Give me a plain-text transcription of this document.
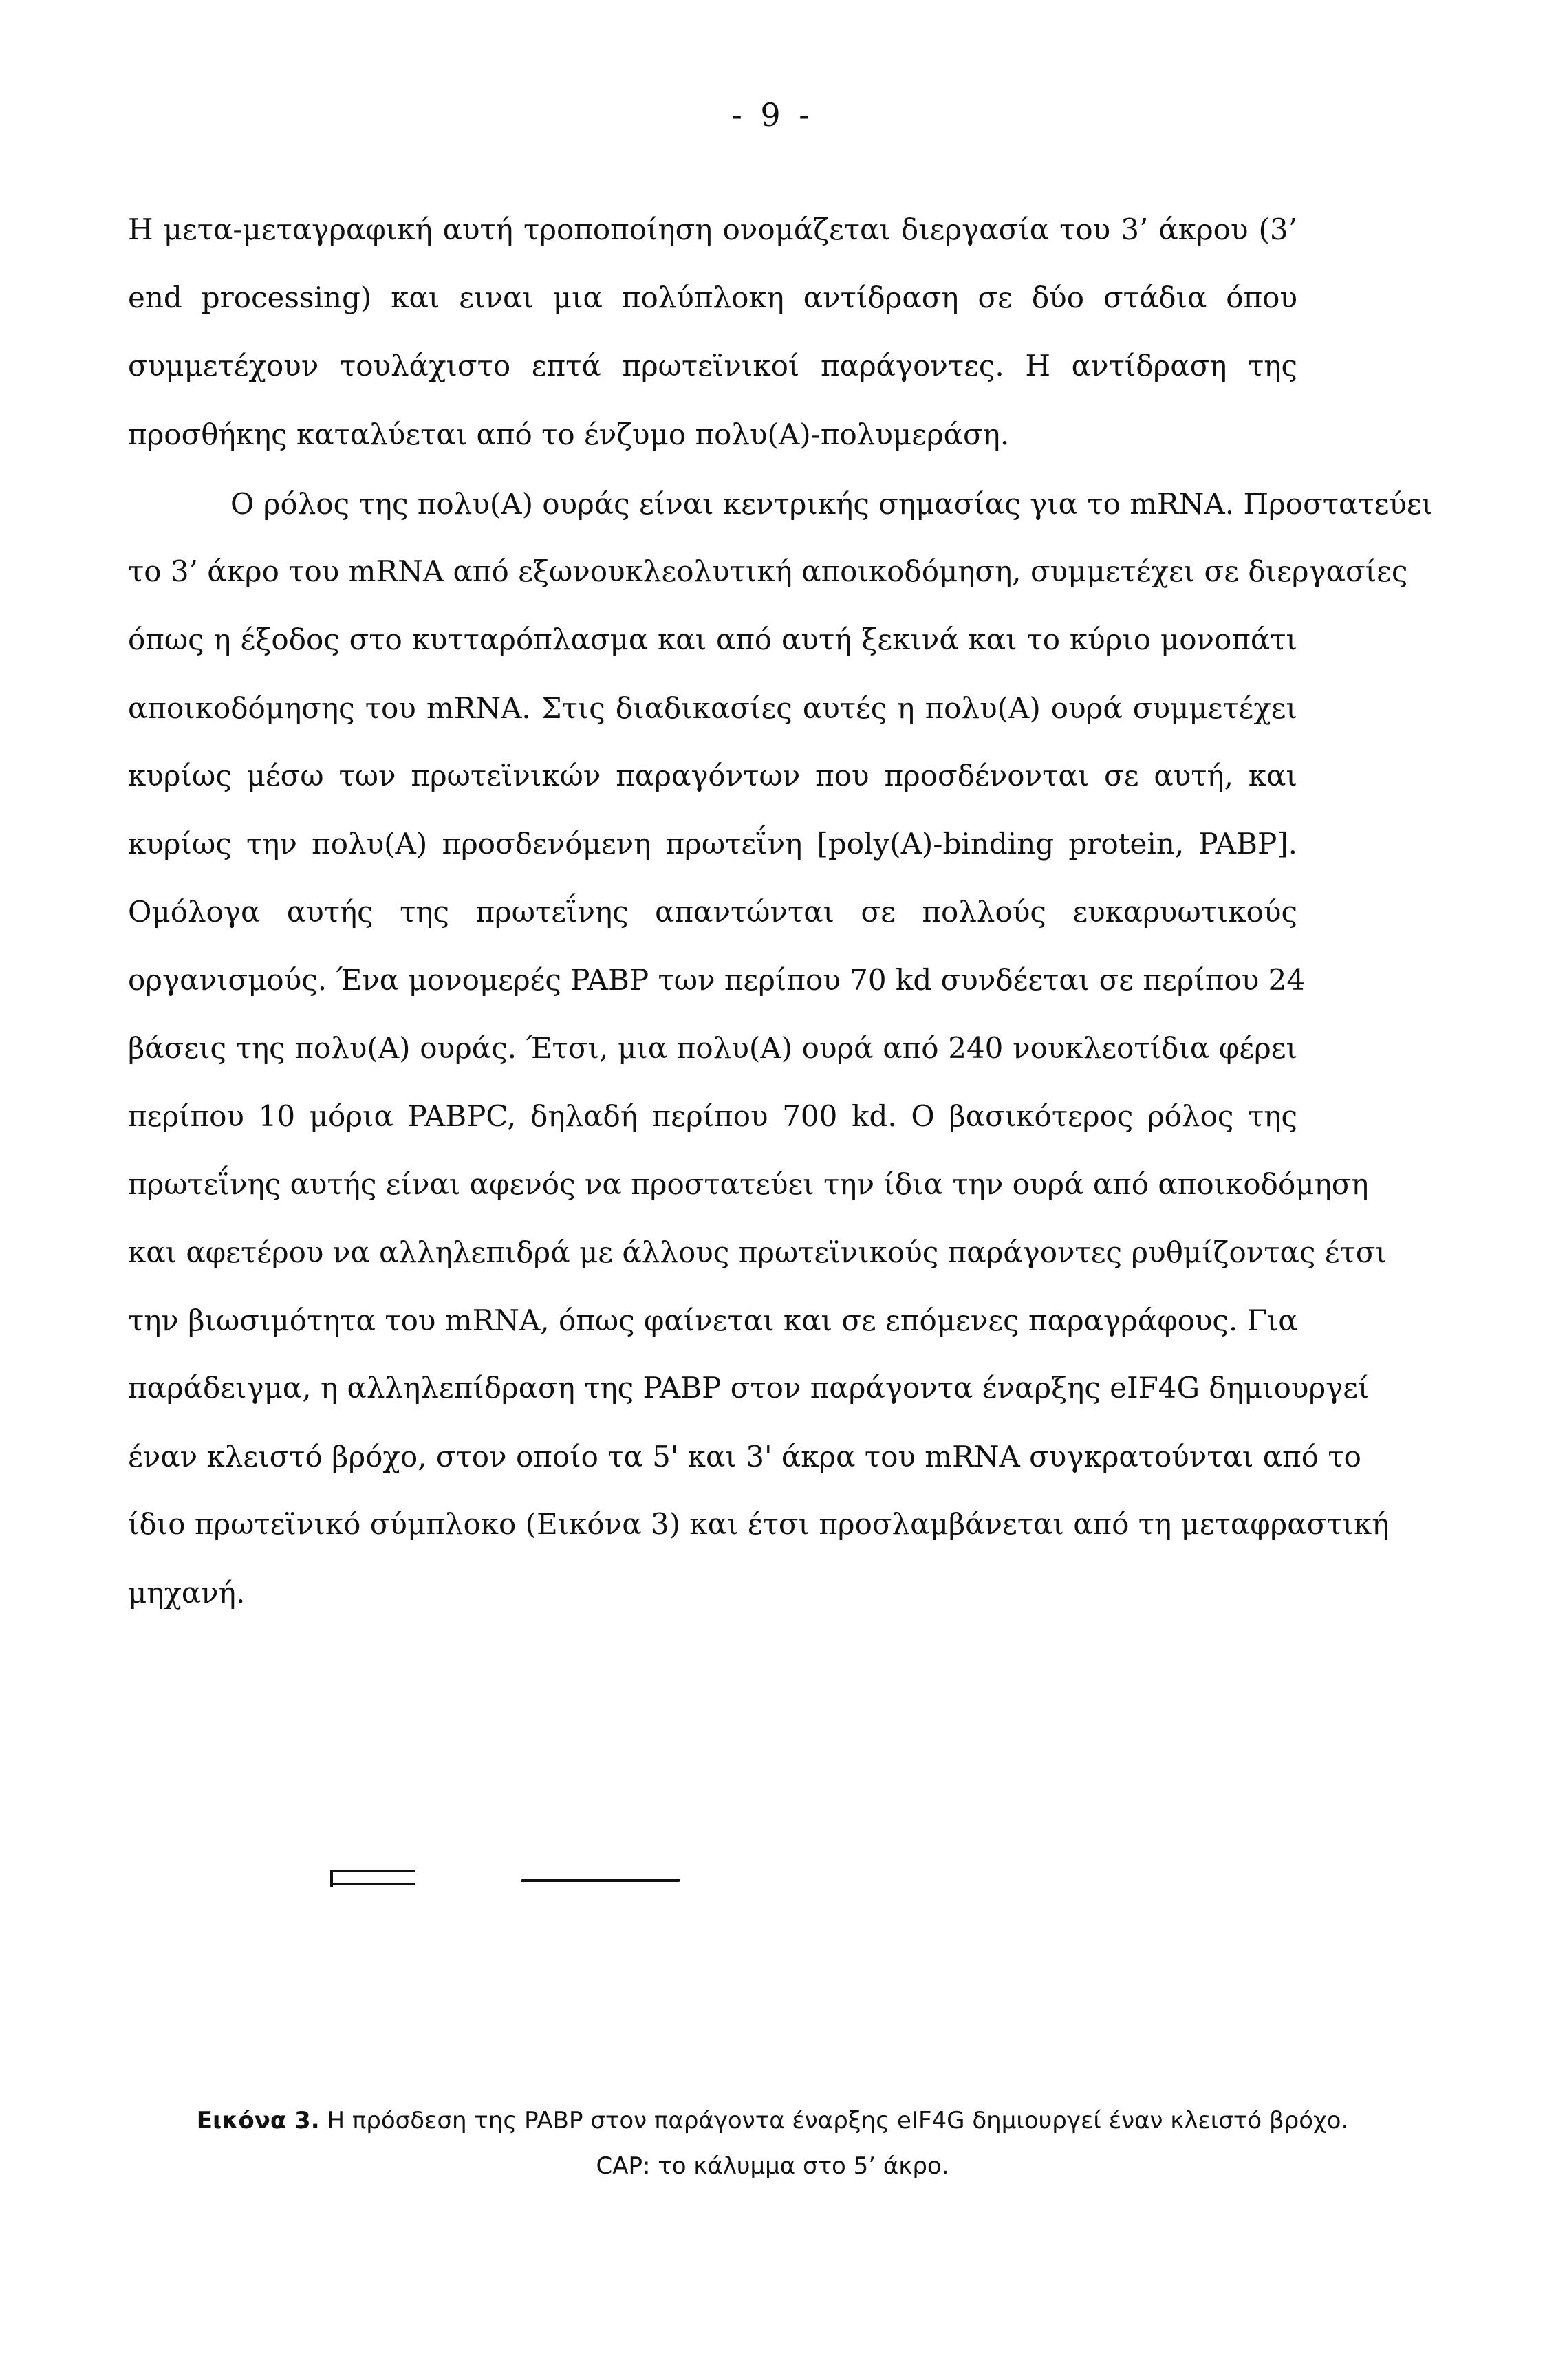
- 9 -
Η μετα-μεταγραφική αυτή τροποποίηση ονομάζεται διεργασία του 3’ άκρου (3’
end processing) και ειναι μια πολύπλοκη αντίδραση σε δύο στάδια όπου
συμμετέχουν τουλάχιστο επτά πρωτεϊνικοί παράγοντες. Η αντίδραση της
προσθήκης καταλύεται από το ένζυμο πολυ(Α)-πολυμεράση.
Ο ρόλος της πολυ(Α) ουράς είναι κεντρικής σημασίας για το mRNA. Προστατεύει
το 3’ άκρο του mRNA από εξωνουκλεολυτική αποικοδόμηση, συμμετέχει σε διεργασίες
όπως η έξοδος στο κυτταρόπλασμα και από αυτή ξεκινά και το κύριο μονοπάτι
αποικοδόμησης του mRNA. Στις διαδικασίες αυτές η πολυ(Α) ουρά συμμετέχει
κυρίως μέσω των πρωτεϊνικών παραγόντων που προσδένονται σε αυτή, και
κυρίως την πολυ(Α) προσδενόμενη πρωτεΐνη [poly(A)-binding protein, PABP].
Ομόλογα αυτής της πρωτεΐνης απαντώνται σε πολλούς ευκαρυωτικούς
οργανισμούς. Ένα μονομερές PABP των περίπου 70 kd συνδέεται σε περίπου 24
βάσεις της πολυ(Α) ουράς. Έτσι, μια πολυ(Α) ουρά από 240 νουκλεοτίδια φέρει
περίπου 10 μόρια PABPC, δηλαδή περίπου 700 kd. Ο βασικότερος ρόλος της
πρωτεΐνης αυτής είναι αφενός να προστατεύει την ίδια την ουρά από αποικοδόμηση
και αφετέρου να αλληλεπιδρά με άλλους πρωτεϊνικούς παράγοντες ρυθμίζοντας έτσι
την βιωσιμότητα του mRNA, όπως φαίνεται και σε επόμενες παραγράφους. Για
παράδειγμα, η αλληλεπίδραση της PABP στον παράγοντα έναρξης eIF4G δημιουργεί
έναν κλειστό βρόχο, στον οποίο τα 5' και 3' άκρα του mRNA συγκρατούνται από το
ίδιο πρωτεϊνικό σύμπλοκο (Εικόνα 3) και έτσι προσλαμβάνεται από τη μεταφραστική
μηχανή.
Εικόνα 3. Η πρόσδεση της PABP στον παράγοντα έναρξης eIF4G δημιουργεί έναν κλειστό βρόχο.
CAP: το κάλυμμα στο 5’ άκρο.
